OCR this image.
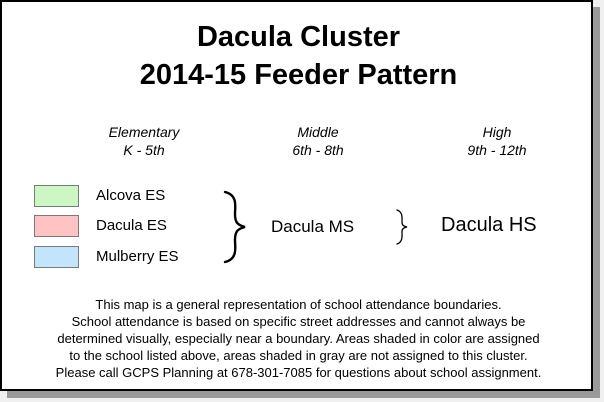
Dacula Cluster
2014-15 Feeder Pattern
Elementary
K - 5th
Middle
6th - 8th
High
9th - 12th
Alcova ES
Dacula ES
Mulberry ES
Dacula MS	Dacula HS
This map is a general representation of school attendance boundaries.
School attendance is based on specific street addresses and cannot always be
determined visually, especially near a boundary. Areas shaded in color are assigned
to the school listed above, areas shaded in gray are not assigned to this cluster.
Please call GCPS Planning at 678-301-7085 for questions about school assignment.
